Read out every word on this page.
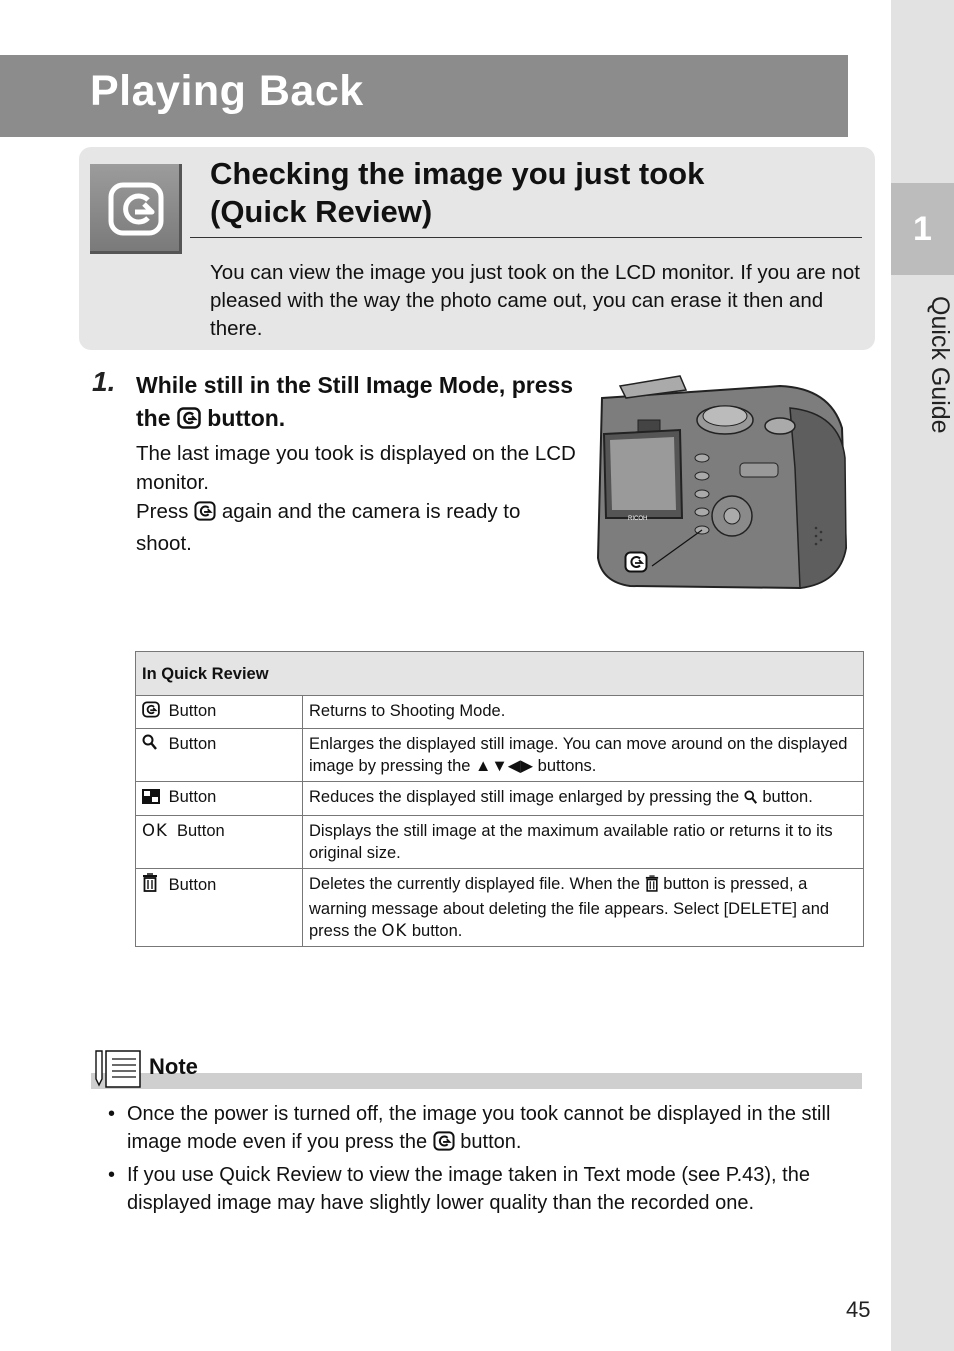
1
Quick Guide
Playing Back
Checking the image you just took
(Quick Review)

You can view the image you just took on the LCD monitor. If you are not pleased with the way the photo came out, you can erase it then and there.

1. While still in the Still Image Mode, press the button.

The last image you took is displayed on the LCD monitor.

Press again and the camera is ready to shoot.

RICOH
In Quick Review	
Button	Returns to Shooting Mode.
Button	Enlarges the displayed still image. You can move around on the displayed image by pressing the ▲▼◀▶ buttons.
Button	Reduces the displayed still image enlarged by pressing the button.
OK Button	Displays the still image at the maximum available ratio or returns it to its original size.
Button	Deletes the currently displayed file. When the button is pressed, a warning message about deleting the file appears. Select [DELETE] and press the OK button.
Note
• Once the power is turned off, the image you took cannot be displayed in the still image mode even if you press the button.
• If you use Quick Review to view the image taken in Text mode (see P.43), the displayed image may have slightly lower quality than the recorded one.
45
